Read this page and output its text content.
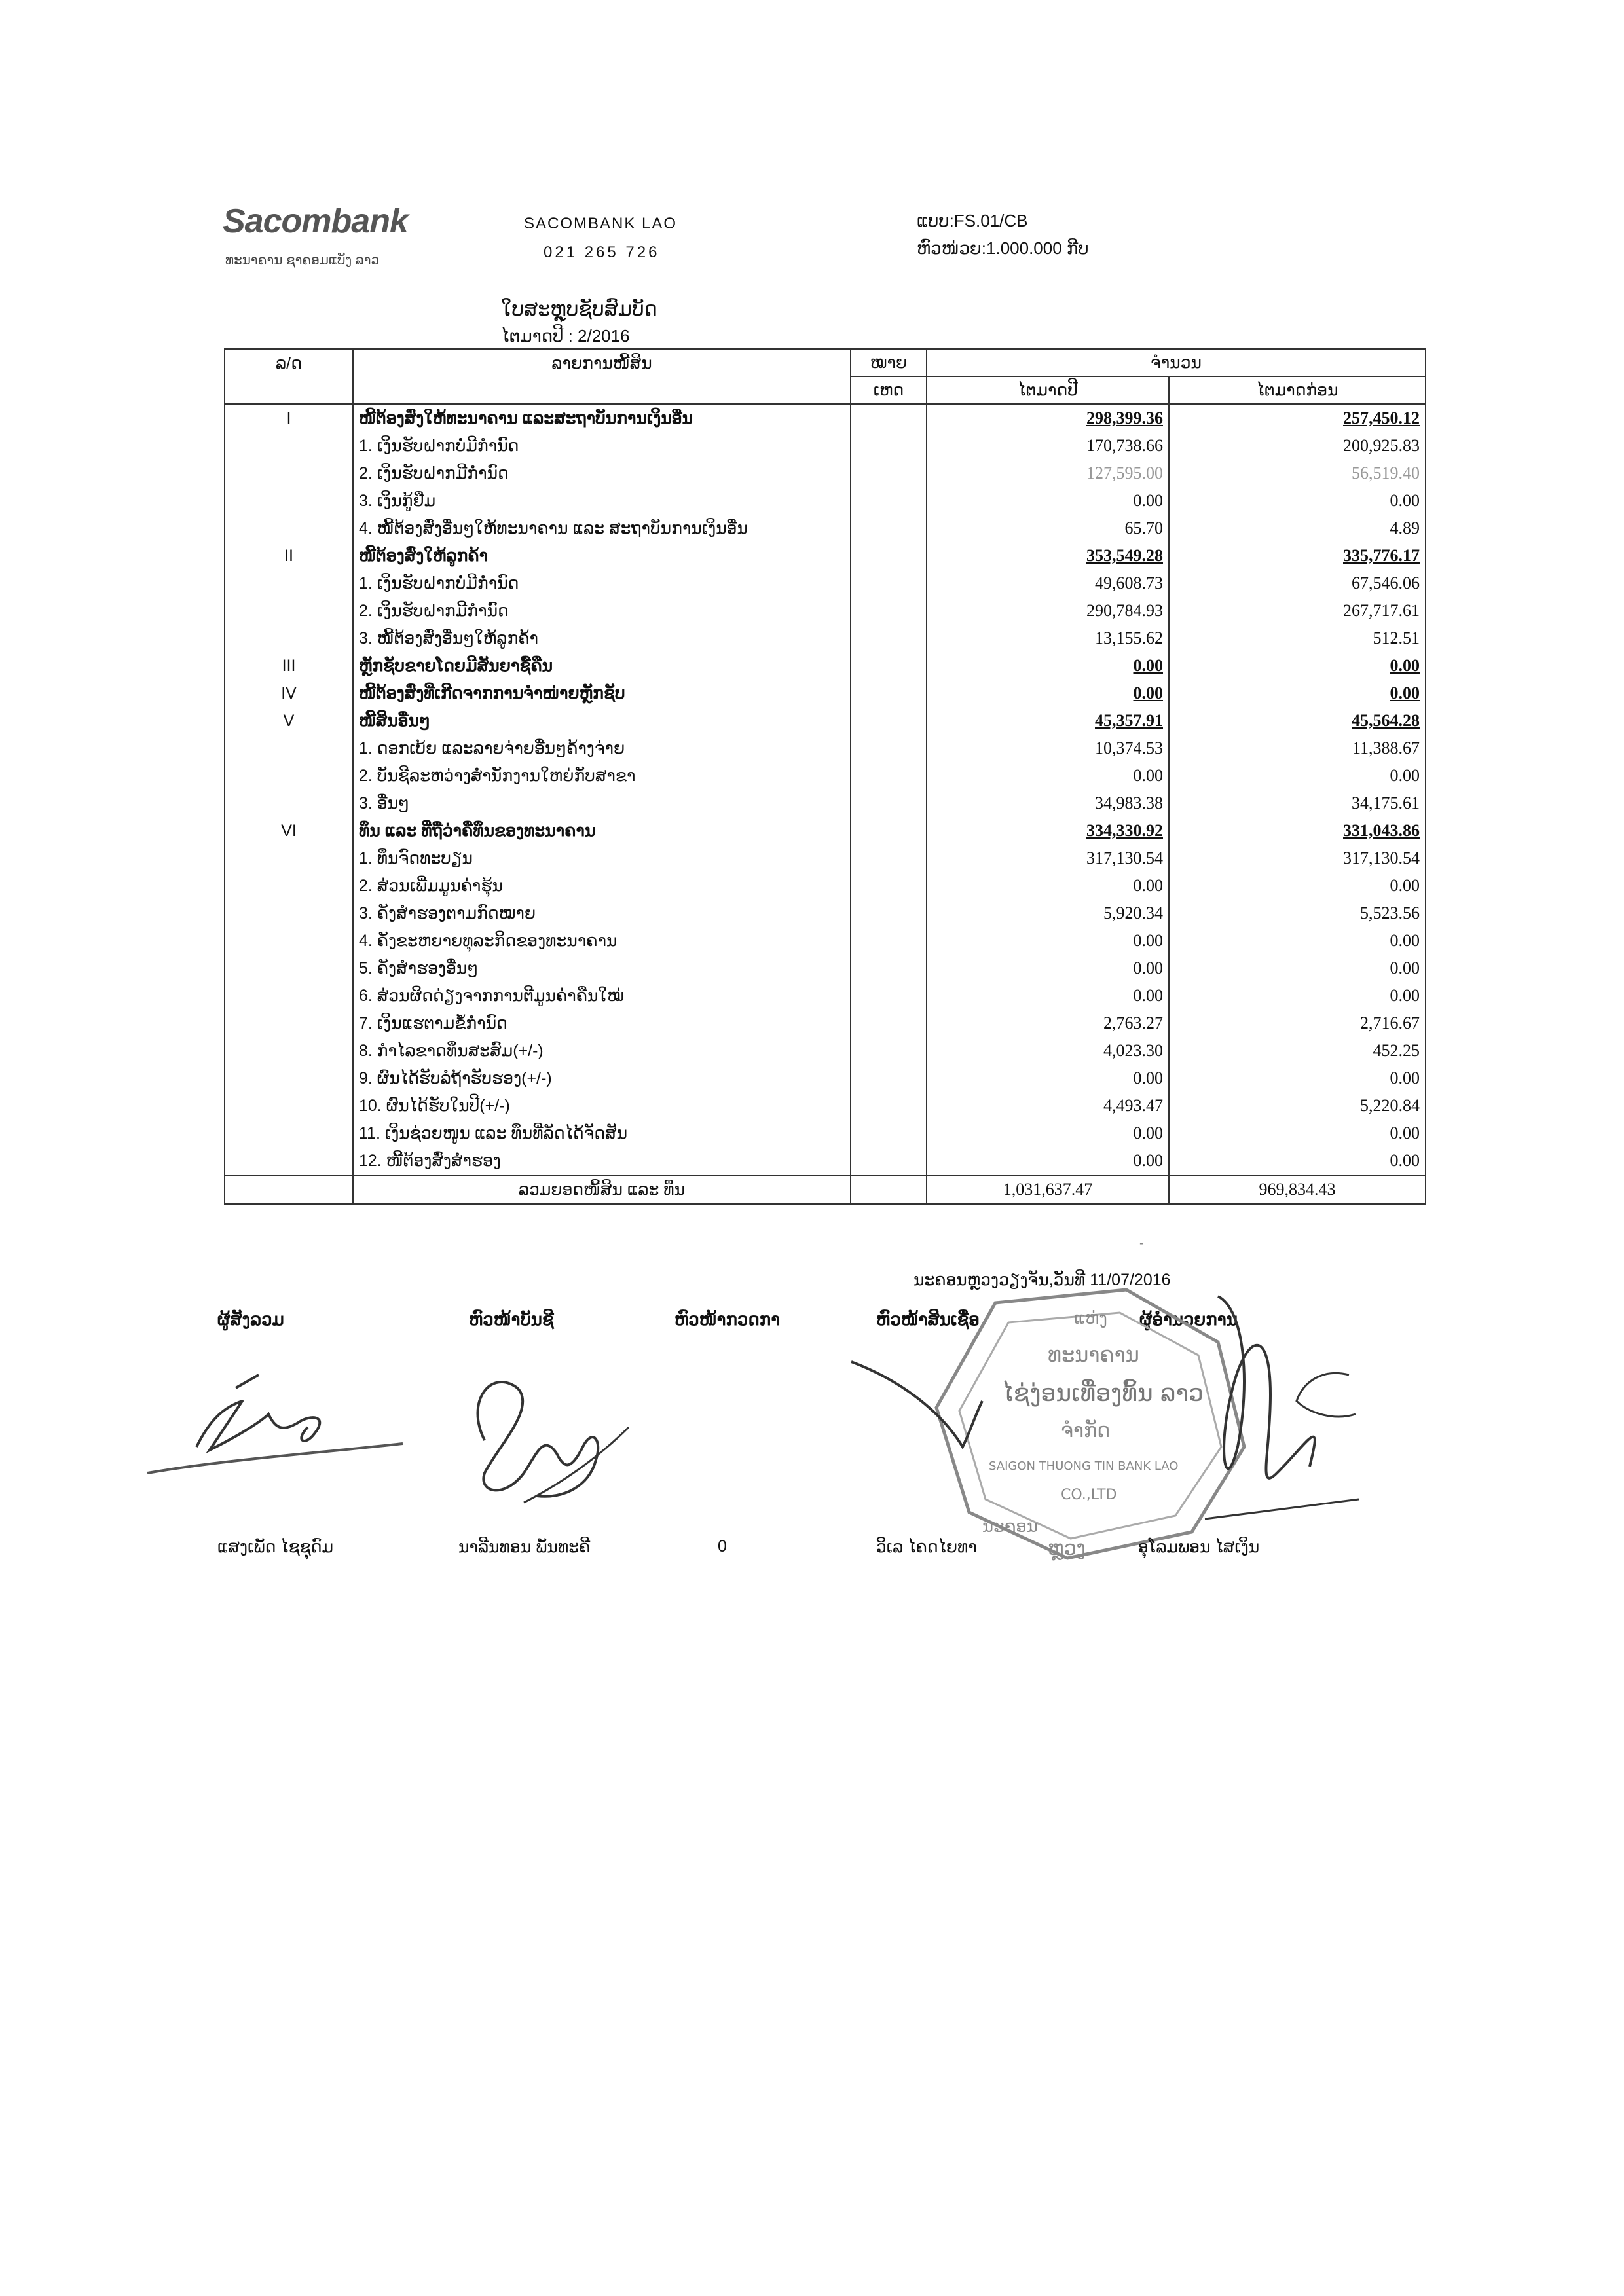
Sacombank
ທະນາຄານ ຊາຄອມແບັງ ລາວ
SACOMBANK LAO
021 265 726
ແບບ:FS.01/CB
ຫົວໜ່ວຍ:1.000.000 ກີບ
ໃບສະຫຼຸບຊັບສົມບັດ
ໄຕມາດປີ : 2/2016
ລ/ດ	ລາຍການໜີ້ສິນ	ໝາຍ	ຈຳນວນ	
		ເຫດ	ໄຕມາດປີ	ໄຕມາດກ່ອນ
I	ໜີ້ຕ້ອງສົ່ງໃຫ້ທະນາຄານ ແລະສະຖາບັນການເງິນອື່ນ		298,399.36	257,450.12
	1. ເງິນຮັບຝາກບໍ່ມີກຳນົດ		170,738.66	200,925.83
	2. ເງິນຮັບຝາກມີກຳນົດ		127,595.00	56,519.40
	3. ເງິນກູ້ຢືມ		0.00	0.00
	4. ໜີ້ຕ້ອງສົ່ງອື່ນໆໃຫ້ທະນາຄານ ແລະ ສະຖາບັນການເງິນອື່ນ		65.70	4.89
II	ໜີ້ຕ້ອງສົ່ງໃຫ້ລູກຄ້າ		353,549.28	335,776.17
	1. ເງິນຮັບຝາກບໍ່ມີກຳນົດ		49,608.73	67,546.06
	2. ເງິນຮັບຝາກມີກຳນົດ		290,784.93	267,717.61
	3. ໜີ້ຕ້ອງສົ່ງອື່ນໆໃຫ້ລູກຄ້າ		13,155.62	512.51
III	ຫຼັກຊັບຂາຍໂດຍມີສັນຍາຊື້ຄືນ		0.00	0.00
IV	ໜີ້ຕ້ອງສົ່ງທີ່ເກີດຈາກການຈຳໜ່າຍຫຼັກຊັບ		0.00	0.00
V	ໜີ້ສິນອື່ນໆ		45,357.91	45,564.28
	1. ດອກເບ້ຍ ແລະລາຍຈ່າຍອື່ນໆຄ້າງຈ່າຍ		10,374.53	11,388.67
	2. ບັນຊີລະຫວ່າງສຳນັກງານໃຫຍ່ກັບສາຂາ		0.00	0.00
	3. ອື່ນໆ		34,983.38	34,175.61
VI	ທຶນ ແລະ ທີ່ຖືວ່າຄືທຶນຂອງທະນາຄານ		334,330.92	331,043.86
	1. ທຶນຈົດທະບຽນ		317,130.54	317,130.54
	2. ສ່ວນເພີ່ມມູນຄ່າຮຸ້ນ		0.00	0.00
	3. ຄັງສຳຮອງຕາມກົດໝາຍ		5,920.34	5,523.56
	4. ຄັງຂະຫຍາຍທຸລະກິດຂອງທະນາຄານ		0.00	0.00
	5. ຄັງສຳຮອງອື່ນໆ		0.00	0.00
	6. ສ່ວນຜິດດ່ຽງຈາກການຕີມູນຄ່າຄືນໃໝ່		0.00	0.00
	7. ເງິນແຮຕາມຂໍ້ກຳນົດ		2,763.27	2,716.67
	8. ກຳໄລຂາດທຶນສະສົມ(+/-)		4,023.30	452.25
	9. ຜົນໄດ້ຮັບລໍຖ້າຮັບຮອງ(+/-)		0.00	0.00
	10. ຜົນໄດ້ຮັບໃນປີ(+/-)		4,493.47	5,220.84
	11. ເງິນຊ່ວຍໜູນ ແລະ ທຶນທີ່ລັດໄດ້ຈັດສັນ		0.00	0.00
	12. ໜີ້ຕ້ອງສົ່ງສຳຮອງ		0.00	0.00
	ລວມຍອດໜີ້ສິນ ແລະ ທຶນ		1,031,637.47	969,834.43
-
ນະຄອນຫຼວງວຽງຈັນ,ວັນທີ 11/07/2016
ຜູ້ສັງລວມ	ຫົວໜ້າບັນຊີ	ຫົວໜ້າກວດກາ	ຫົວໜ້າສິນເຊື່ອ	ຜູ້ອຳນວຍການ
ແຫ່ງ
ທະນາຄານ
ໄຊ່ງ່ອນເທື່ອງທິ້ນ ລາວ
ຈຳກັດ
SAIGON THUONG TIN BANK LAO
CO.,LTD
ນະຄອນ
ຫຼວງ
ແສງເພັດ ໄຊຊຸດົມ	ນາລີນທອນ ພັນທະຄີ	0	ວິເລ ໄຄດໄຍທາ	ອຸໂລມພອນ ໄສເງິນ
